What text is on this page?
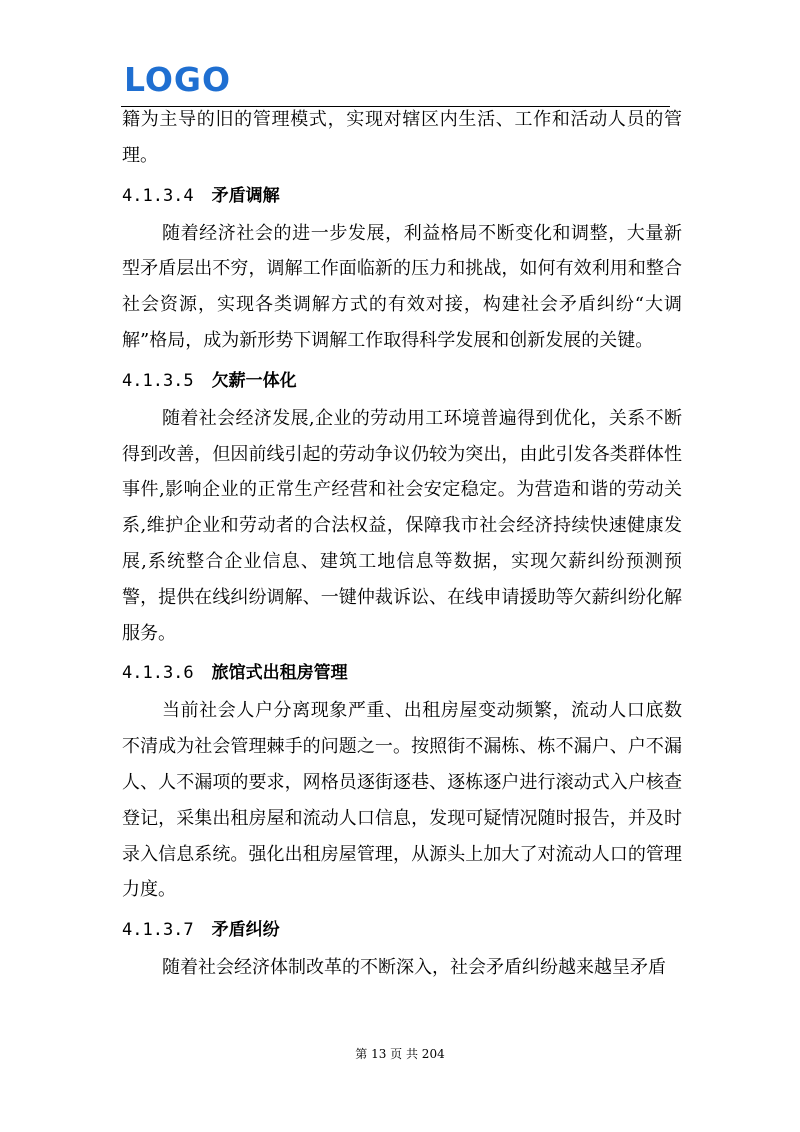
LOGO

籍为主导的旧的管理模式，实现对辖区内生活、工作和活动人员的管理。

4.1.3.4 矛盾调解

随着经济社会的进一步发展，利益格局不断变化和调整，大量新型矛盾层出不穷，调解工作面临新的压力和挑战，如何有效利用和整合社会资源，实现各类调解方式的有效对接，构建社会矛盾纠纷“大调解”格局，成为新形势下调解工作取得科学发展和创新发展的关键。

4.1.3.5 欠薪一体化

随着社会经济发展,企业的劳动用工环境普遍得到优化，关系不断得到改善，但因前线引起的劳动争议仍较为突出，由此引发各类群体性事件,影响企业的正常生产经营和社会安定稳定。为营造和谐的劳动关系,维护企业和劳动者的合法权益，保障我市社会经济持续快速健康发展,系统整合企业信息、建筑工地信息等数据，实现欠薪纠纷预测预警，提供在线纠纷调解、一键仲裁诉讼、在线申请援助等欠薪纠纷化解服务。

4.1.3.6 旅馆式出租房管理

当前社会人户分离现象严重、出租房屋变动频繁，流动人口底数不清成为社会管理棘手的问题之一。按照街不漏栋、栋不漏户、户不漏人、人不漏项的要求，网格员逐街逐巷、逐栋逐户进行滚动式入户核查登记，采集出租房屋和流动人口信息，发现可疑情况随时报告，并及时录入信息系统。强化出租房屋管理，从源头上加大了对流动人口的管理力度。

4.1.3.7 矛盾纠纷

随着社会经济体制改革的不断深入，社会矛盾纠纷越来越呈矛盾

第 13 页 共 204
